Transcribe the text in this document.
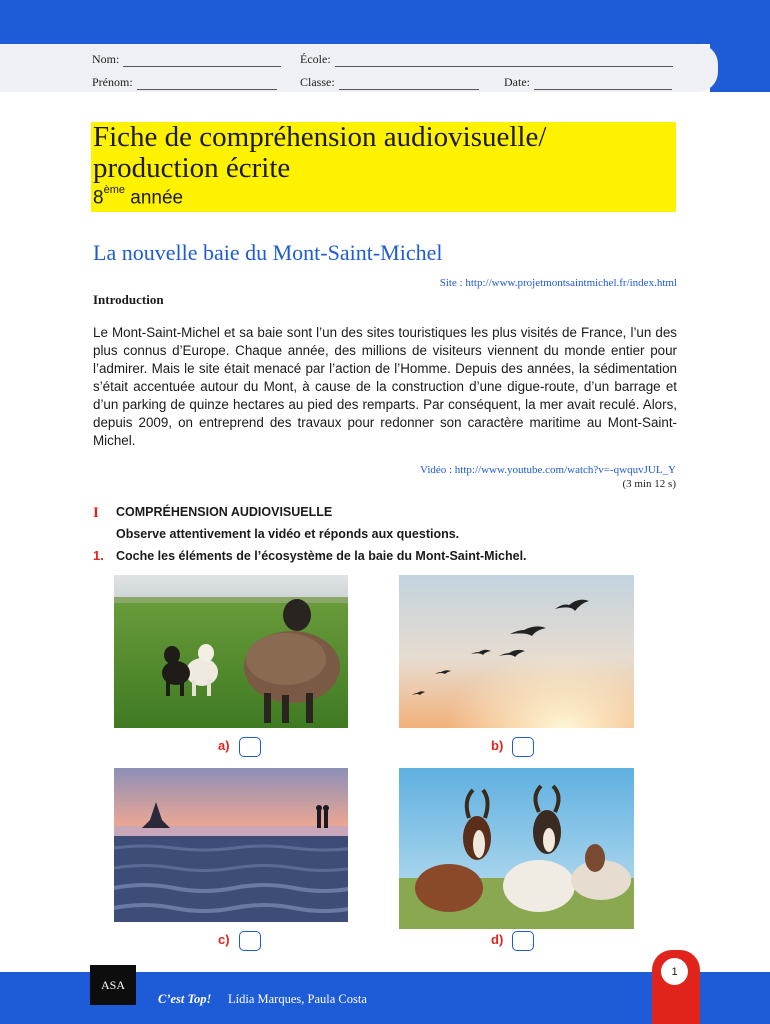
Nom:	École:
Prénom:	Classe:	Date:
Fiche de compréhension audiovisuelle/
production écrite
8ème année
La nouvelle baie du Mont-Saint-Michel
Site : http://www.projetmontsaintmichel.fr/index.html
Introduction
Le Mont-Saint-Michel et sa baie sont l’un des sites touristiques les plus visités de France, l’un des plus connus d’Europe. Chaque année, des millions de visiteurs viennent du monde entier pour l’admirer. Mais le site était menacé par l’action de l’Homme. Depuis des années, la sédimentation s’était accentuée autour du Mont, à cause de la construction d’une digue-route, d’un barrage et d’un parking de quinze hectares au pied des remparts. Par conséquent, la mer avait reculé. Alors, depuis 2009, on entreprend des travaux pour redonner son caractère maritime au Mont-Saint-Michel.
Vidéo : http://www.youtube.com/watch?v=-qwquvJUL_Y
(3 min 12 s)
I COMPRÉHENSION AUDIOVISUELLE
Observe attentivement la vidéo et réponds aux questions.
1. Coche les éléments de l’écosystème de la baie du Mont-Saint-Michel.
a)	b)
c)	d)
ASA
C’est Top! Lídia Marques, Paula Costa
1
